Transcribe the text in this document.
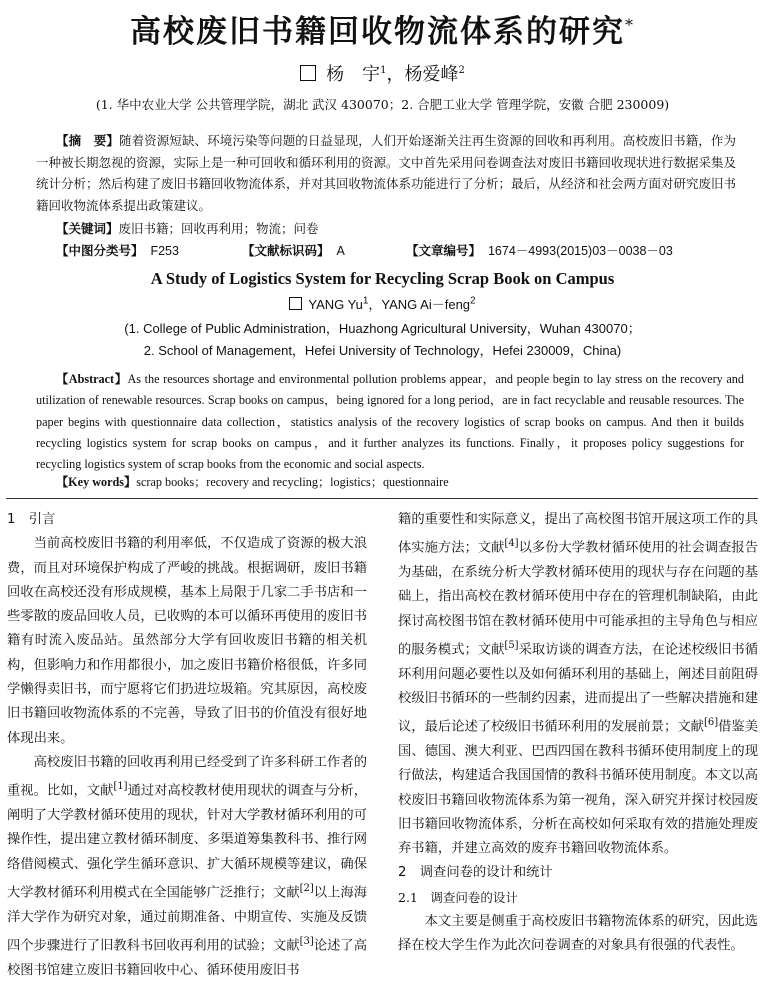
高校废旧书籍回收物流体系的研究*
杨　宇$^1$，杨爱峰$^2$
(1. 华中农业大学 公共管理学院，湖北 武汉 430070；2. 合肥工业大学 管理学院，安徽 合肥 230009)
【摘　要】随着资源短缺、环境污染等问题的日益显现，人们开始逐渐关注再生资源的回收和再利用。高校废旧书籍，作为一种被长期忽视的资源，实际上是一种可回收和循环利用的资源。文中首先采用问卷调查法对废旧书籍回收现状进行数据采集及统计分析；然后构建了废旧书籍回收物流体系，并对其回收物流体系功能进行了分析；最后，从经济和社会两方面对研究废旧书籍回收物流体系提出政策建议。
【关键词】废旧书籍；回收再利用；物流；问卷
【中图分类号】 F253	【文献标识码】 A	【文章编号】 1674－4993(2015)03－0038－03
A Study of Logistics System for Recycling Scrap Book on Campus
YANG Yu$^1$，YANG Ai－feng$^2$
(1. College of Public Administration，Huazhong Agricultural University，Wuhan 430070；
2. School of Management，Hefei University of Technology，Hefei 230009，China)
【Abstract】As the resources shortage and environmental pollution problems appear，and people begin to lay stress on the recovery and utilization of renewable resources. Scrap books on campus，being ignored for a long period，are in fact recyclable and reusable resources. The paper begins with questionnaire data collection，statistics analysis of the recovery logistics of scrap books on campus. And then it builds recycling logistics system for scrap books on campus，and it further analyzes its functions. Finally，it proposes policy suggestions for recycling logistics system of scrap books from the economic and social aspects.
【Key words】scrap books；recovery and recycling；logistics；questionnaire
1　引言

当前高校废旧书籍的利用率低，不仅造成了资源的极大浪费，而且对环境保护构成了严峻的挑战。根据调研，废旧书籍回收在高校还没有形成规模，基本上局限于几家二手书店和一些零散的废品回收人员，已收购的本可以循环再使用的废旧书籍有时流入废品站。虽然部分大学有回收废旧书籍的相关机构，但影响力和作用都很小，加之废旧书籍价格很低，许多同学懒得卖旧书，而宁愿将它们扔进垃圾箱。究其原因，高校废旧书籍回收物流体系的不完善，导致了旧书的价值没有很好地体现出来。

高校废旧书籍的回收再利用已经受到了许多科研工作者的重视。比如，文献[1]通过对高校教材使用现状的调查与分析，阐明了大学教材循环使用的现状，针对大学教材循环利用的可操作性，提出建立教材循环制度、多渠道筹集教科书、推行网络借阅模式、强化学生循环意识、扩大循环规模等建议，确保大学教材循环利用模式在全国能够广泛推行；文献[2]以上海海洋大学作为研究对象，通过前期准备、中期宣传、实施及反馈四个步骤进行了旧教科书回收再利用的试验；文献[3]论述了高校图书馆建立废旧书籍回收中心、循环使用废旧书

籍的重要性和实际意义，提出了高校图书馆开展这项工作的具体实施方法；文献[4]以多份大学教材循环使用的社会调查报告为基础，在系统分析大学教材循环使用的现状与存在问题的基础上，指出高校在教材循环使用中存在的管理机制缺陷，由此探讨高校图书馆在教材循环使用中可能承担的主导角色与相应的服务模式；文献[5]采取访谈的调查方法，在论述校级旧书循环利用问题必要性以及如何循环利用的基础上，阐述目前阻碍校级旧书循环的一些制约因素，进而提出了一些解决措施和建议，最后论述了校级旧书循环利用的发展前景；文献[6]借鉴美国、德国、澳大利亚、巴西四国在教科书循环使用制度上的现行做法，构建适合我国国情的教科书循环使用制度。本文以高校废旧书籍回收物流体系为第一视角，深入研究并探讨校园废旧书籍回收物流体系，分析在高校如何采取有效的措施处理废弃书籍，并建立高效的废弃书籍回收物流体系。

2　调查问卷的设计和统计
2.1　调查问卷的设计

本文主要是侧重于高校废旧书籍物流体系的研究，因此选择在校大学生作为此次问卷调查的对象具有很强的代表性。
